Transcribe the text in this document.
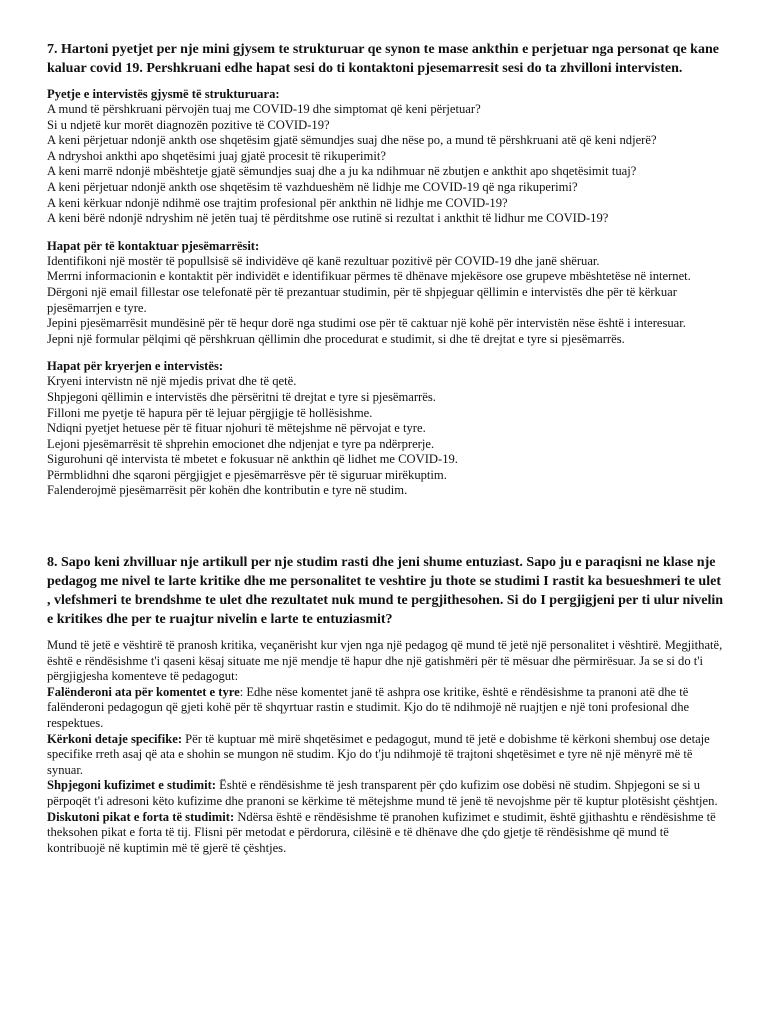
7. Hartoni pyetjet per nje mini gjysem te strukturuar qe synon te mase ankthin e perjetuar nga personat qe kane kaluar covid 19. Pershkruani edhe hapat sesi do ti kontaktoni pjesemarresit sesi do ta zhvilloni intervisten.

Pyetje e intervistës gjysmë të strukturuara:

A mund të përshkruani përvojën tuaj me COVID-19 dhe simptomat që keni përjetuar?

Si u ndjetë kur morët diagnozën pozitive të COVID-19?

A keni përjetuar ndonjë ankth ose shqetësim gjatë sëmundjes suaj dhe nëse po, a mund të përshkruani atë që keni ndjerë?

A ndryshoi ankthi apo shqetësimi juaj gjatë procesit të rikuperimit?

A keni marrë ndonjë mbështetje gjatë sëmundjes suaj dhe a ju ka ndihmuar në zbutjen e ankthit apo shqetësimit tuaj?

A keni përjetuar ndonjë ankth ose shqetësim të vazhdueshëm në lidhje me COVID-19 që nga rikuperimi?

A keni kërkuar ndonjë ndihmë ose trajtim profesional për ankthin në lidhje me COVID-19?

A keni bërë ndonjë ndryshim në jetën tuaj të përditshme ose rutinë si rezultat i ankthit të lidhur me COVID-19?

Hapat për të kontaktuar pjesëmarrësit:

Identifikoni një mostër të popullsisë së individëve që kanë rezultuar pozitivë për COVID-19 dhe janë shëruar.

Merrni informacionin e kontaktit për individët e identifikuar përmes të dhënave mjekësore ose grupeve mbështetëse në internet.

Dërgoni një email fillestar ose telefonatë për të prezantuar studimin, për të shpjeguar qëllimin e intervistës dhe për të kërkuar pjesëmarrjen e tyre.

Jepini pjesëmarrësit mundësinë për të hequr dorë nga studimi ose për të caktuar një kohë për intervistën nëse është i interesuar.

Jepni një formular pëlqimi që përshkruan qëllimin dhe procedurat e studimit, si dhe të drejtat e tyre si pjesëmarrës.

Hapat për kryerjen e intervistës:

Kryeni intervistn në një mjedis privat dhe të qetë.

Shpjegoni qëllimin e intervistës dhe përsëritni të drejtat e tyre si pjesëmarrës.

Filloni me pyetje të hapura për të lejuar përgjigje të hollësishme.

Ndiqni pyetjet hetuese për të fituar njohuri të mëtejshme në përvojat e tyre.

Lejoni pjesëmarrësit të shprehin emocionet dhe ndjenjat e tyre pa ndërprerje.

Sigurohuni që intervista të mbetet e fokusuar në ankthin që lidhet me COVID-19.

Përmblidhni dhe sqaroni përgjigjet e pjesëmarrësve për të siguruar mirëkuptim.

Falenderojmë pjesëmarrësit për kohën dhe kontributin e tyre në studim.

8. Sapo keni zhvilluar nje artikull per nje studim rasti dhe jeni shume entuziast. Sapo ju e paraqisni ne klase nje pedagog me nivel te larte kritike dhe me personalitet te veshtire ju thote se studimi I rastit ka besueshmeri te ulet , vlefshmeri te brendshme te ulet dhe rezultatet nuk mund te pergjithesohen. Si do I pergjigjeni per ti ulur nivelin e kritikes dhe per te ruajtur nivelin e larte te entuziasmit?

Mund të jetë e vështirë të pranosh kritika, veçanërisht kur vjen nga një pedagog që mund të jetë një personalitet i vështirë. Megjithatë, është e rëndësishme t'i qaseni kësaj situate me një mendje të hapur dhe një gatishmëri për të mësuar dhe përmirësuar. Ja se si do t'i përgjigjesha komenteve të pedagogut:

Falënderoni ata për komentet e tyre: Edhe nëse komentet janë të ashpra ose kritike, është e rëndësishme ta pranoni atë dhe të falënderoni pedagogun që gjeti kohë për të shqyrtuar rastin e studimit. Kjo do të ndihmojë në ruajtjen e një toni profesional dhe respektues.

Kërkoni detaje specifike: Për të kuptuar më mirë shqetësimet e pedagogut, mund të jetë e dobishme të kërkoni shembuj ose detaje specifike rreth asaj që ata e shohin se mungon në studim. Kjo do t'ju ndihmojë të trajtoni shqetësimet e tyre në një mënyrë më të synuar.

Shpjegoni kufizimet e studimit: Është e rëndësishme të jesh transparent për çdo kufizim ose dobësi në studim. Shpjegoni se si u përpoqët t'i adresoni këto kufizime dhe pranoni se kërkime të mëtejshme mund të jenë të nevojshme për të kuptur plotësisht çështjen.

Diskutoni pikat e forta të studimit: Ndërsa është e rëndësishme të pranohen kufizimet e studimit, është gjithashtu e rëndësishme të theksohen pikat e forta të tij. Flisni për metodat e përdorura, cilësinë e të dhënave dhe çdo gjetje të rëndësishme që mund të kontribuojë në kuptimin më të gjerë të çështjes.
